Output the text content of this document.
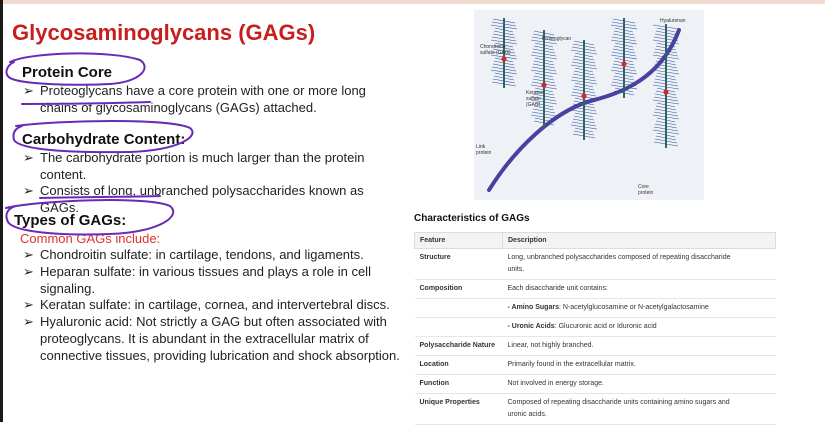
Glycosaminoglycans (GAGs)
Protein Core
➢ Proteoglycans have a core protein with one or more long
chains of glycosaminoglycans (GAGs) attached.
Carbohydrate Content:
➢ The carbohydrate portion is much larger than the protein
content.
➢ Consists of long, unbranched polysaccharides known as GAGs.
Types of GAGs:
Common GAGs include:
➢ Chondroitin sulfate: in cartilage, tendons, and ligaments.
➢ Heparan sulfate: in various tissues and plays a role in cell
signaling.
➢ Keratan sulfate: in cartilage, cornea, and intervertebral discs.
➢ Hyaluronic acid: Not strictly a GAG but often associated with
proteoglycans. It is abundant in the extracellular matrix of
connective tissues, providing lubrication and shock absorption.
Hyaluronan
Proteoglycan
Chondroitin
sulfate (GAG)
Keratan
sulfate
(GAG)
Link
protein
Core
protein
Characteristics of GAGs
Feature	Description
Structure	Long, unbranched polysaccharides composed of repeating disaccharide
units.

Composition	Each disaccharide unit contains:
	- Amino Sugars: N-acetylglucosamine or N-acetylgalactosamine
	- Uronic Acids: Glucuronic acid or Iduronic acid
Polysaccharide Nature	Linear, not highly branched.
Location	Primarily found in the extracellular matrix.
Function	Not involved in energy storage.
Unique Properties	Composed of repeating disaccharide units containing amino sugars and
uronic acids.
